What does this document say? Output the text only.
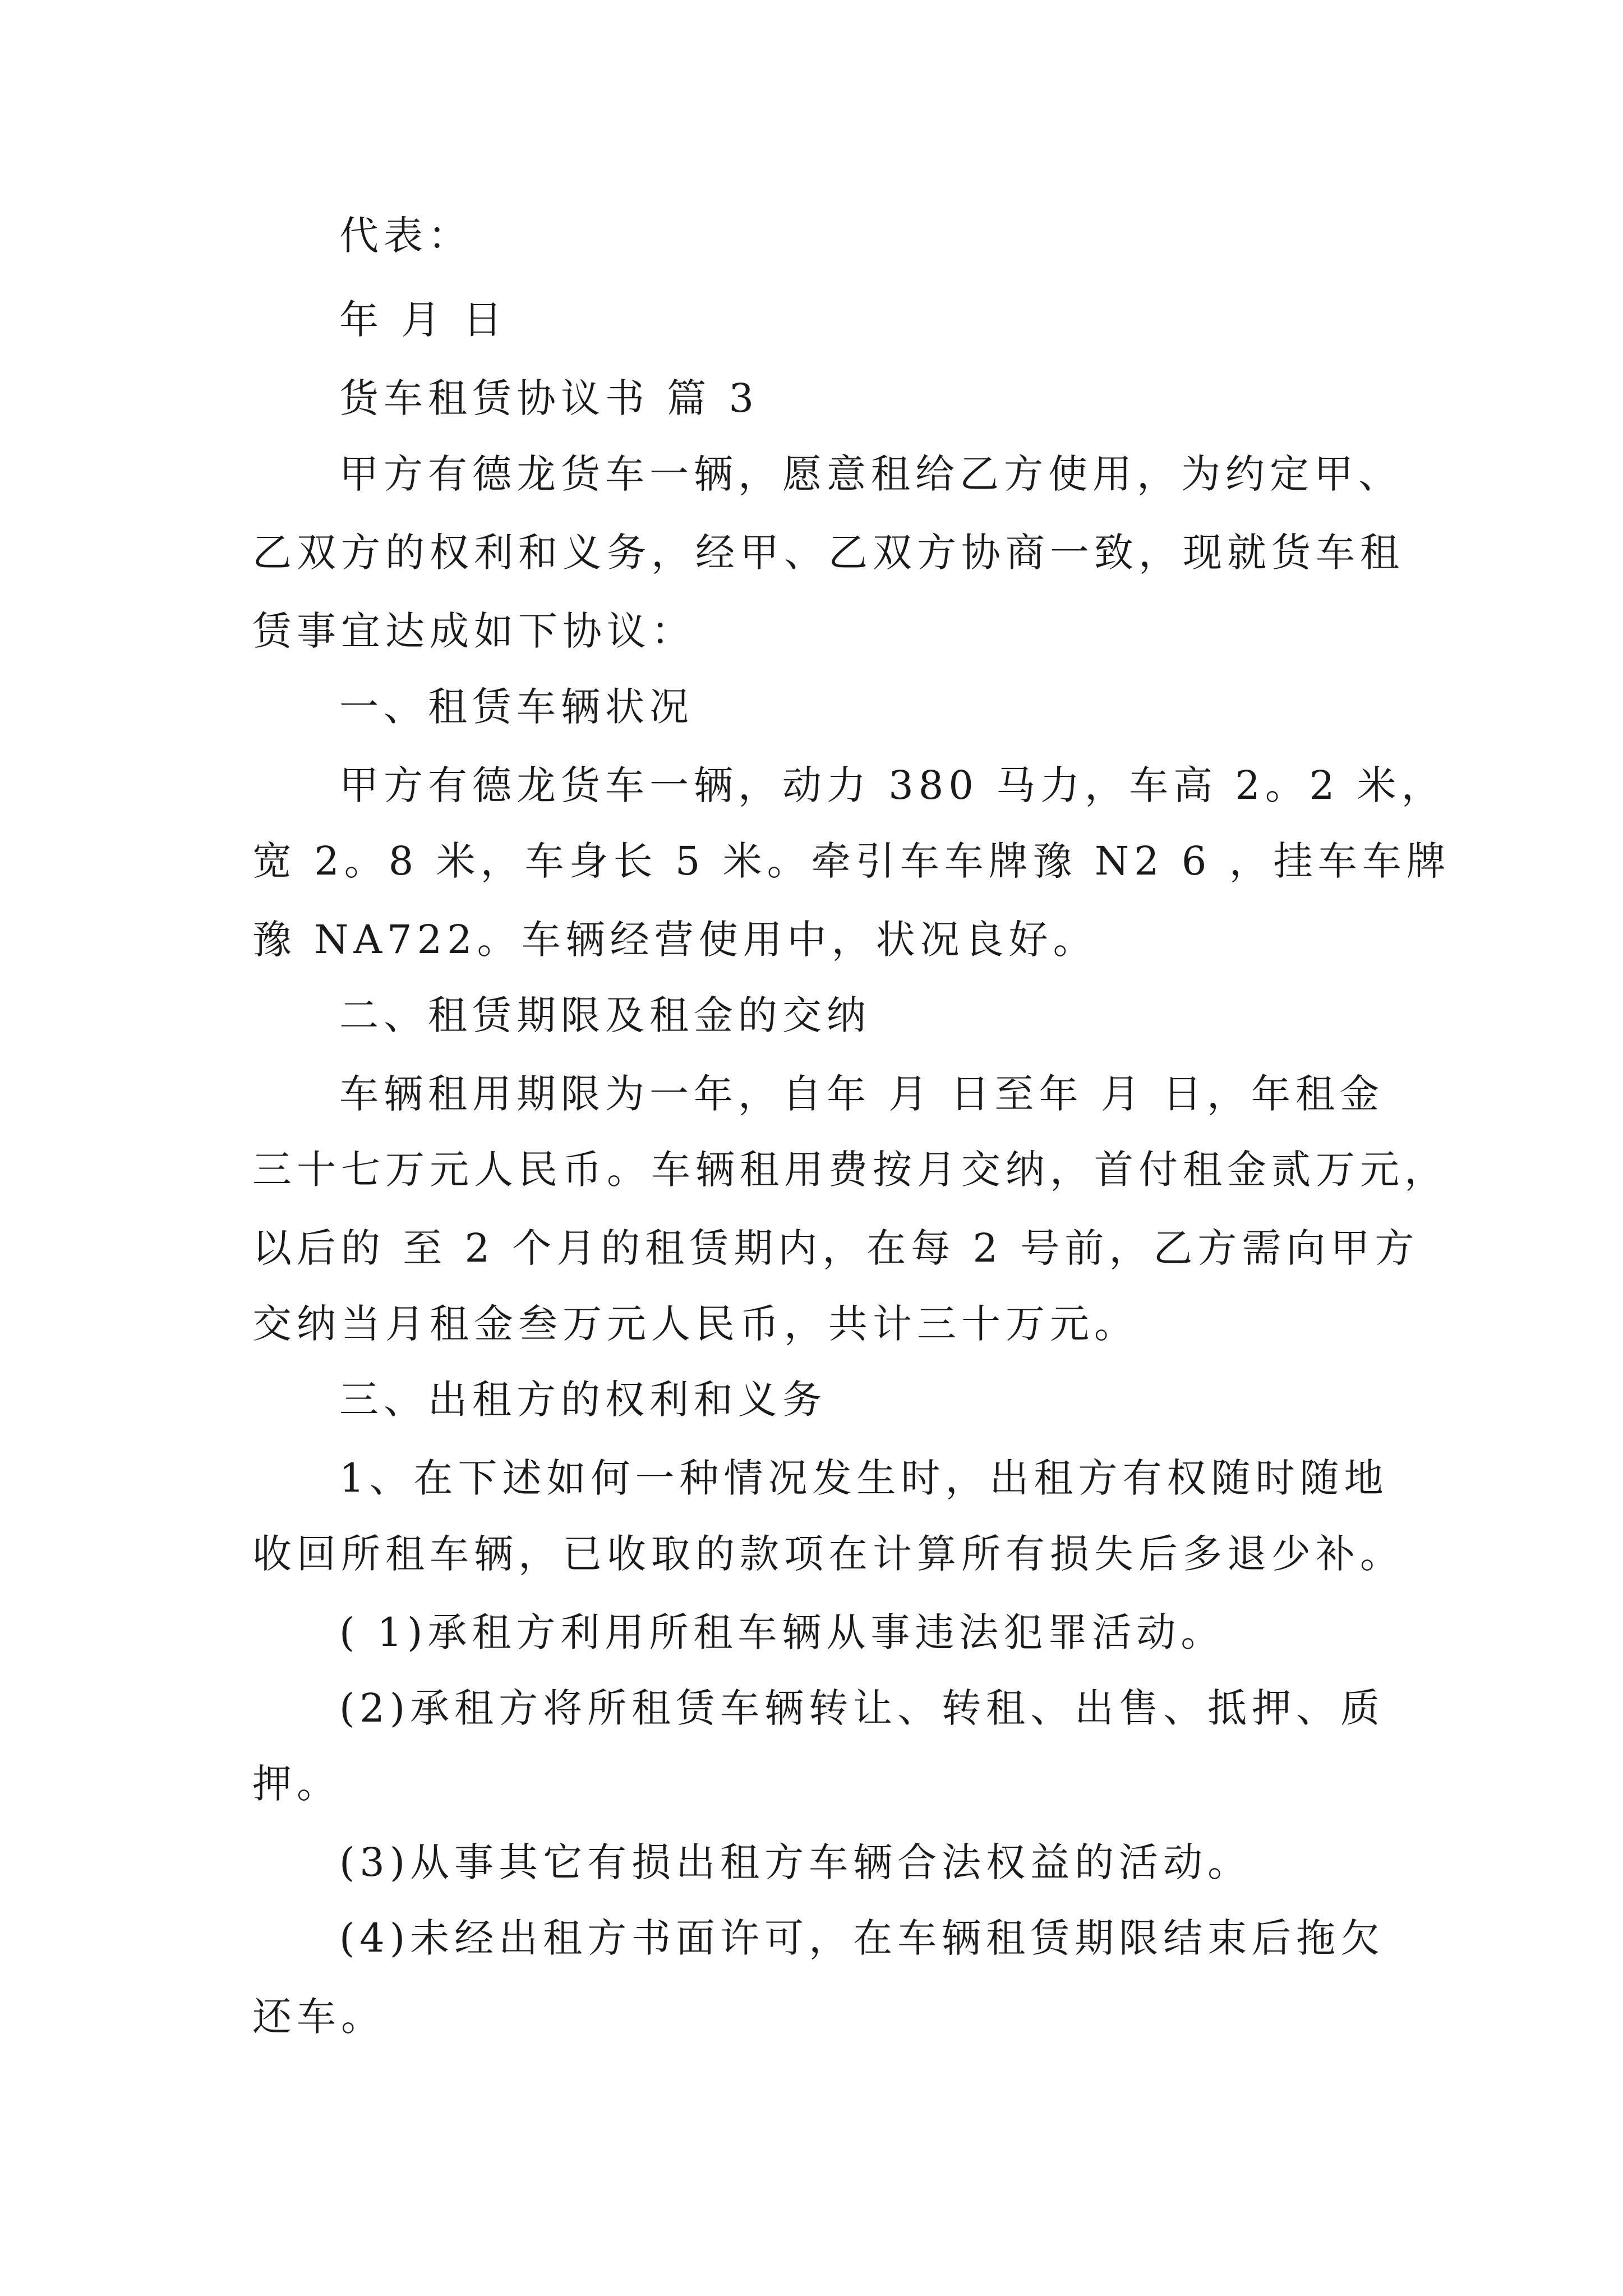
代表：

年 月 日

货车租赁协议书 篇 3

甲方有德龙货车一辆，愿意租给乙方使用，为约定甲、

乙双方的权利和义务，经甲、乙双方协商一致，现就货车租

赁事宜达成如下协议：

一、租赁车辆状况

甲方有德龙货车一辆，动力 380 马力，车高 2。2 米，

宽 2。8 米，车身长 5 米。牵引车车牌豫 N2 6 ，挂车车牌

豫 NA722。车辆经营使用中，状况良好。

二、租赁期限及租金的交纳

车辆租用期限为一年，自年 月 日至年 月 日，年租金

三十七万元人民币。车辆租用费按月交纳，首付租金贰万元，

以后的 至 2 个月的租赁期内，在每 2 号前，乙方需向甲方

交纳当月租金叁万元人民币，共计三十万元。

三、出租方的权利和义务

1、在下述如何一种情况发生时，出租方有权随时随地

收回所租车辆，已收取的款项在计算所有损失后多退少补。

( 1)承租方利用所租车辆从事违法犯罪活动。

(2)承租方将所租赁车辆转让、转租、出售、抵押、质

押。

(3)从事其它有损出租方车辆合法权益的活动。

(4)未经出租方书面许可，在车辆租赁期限结束后拖欠

还车。
